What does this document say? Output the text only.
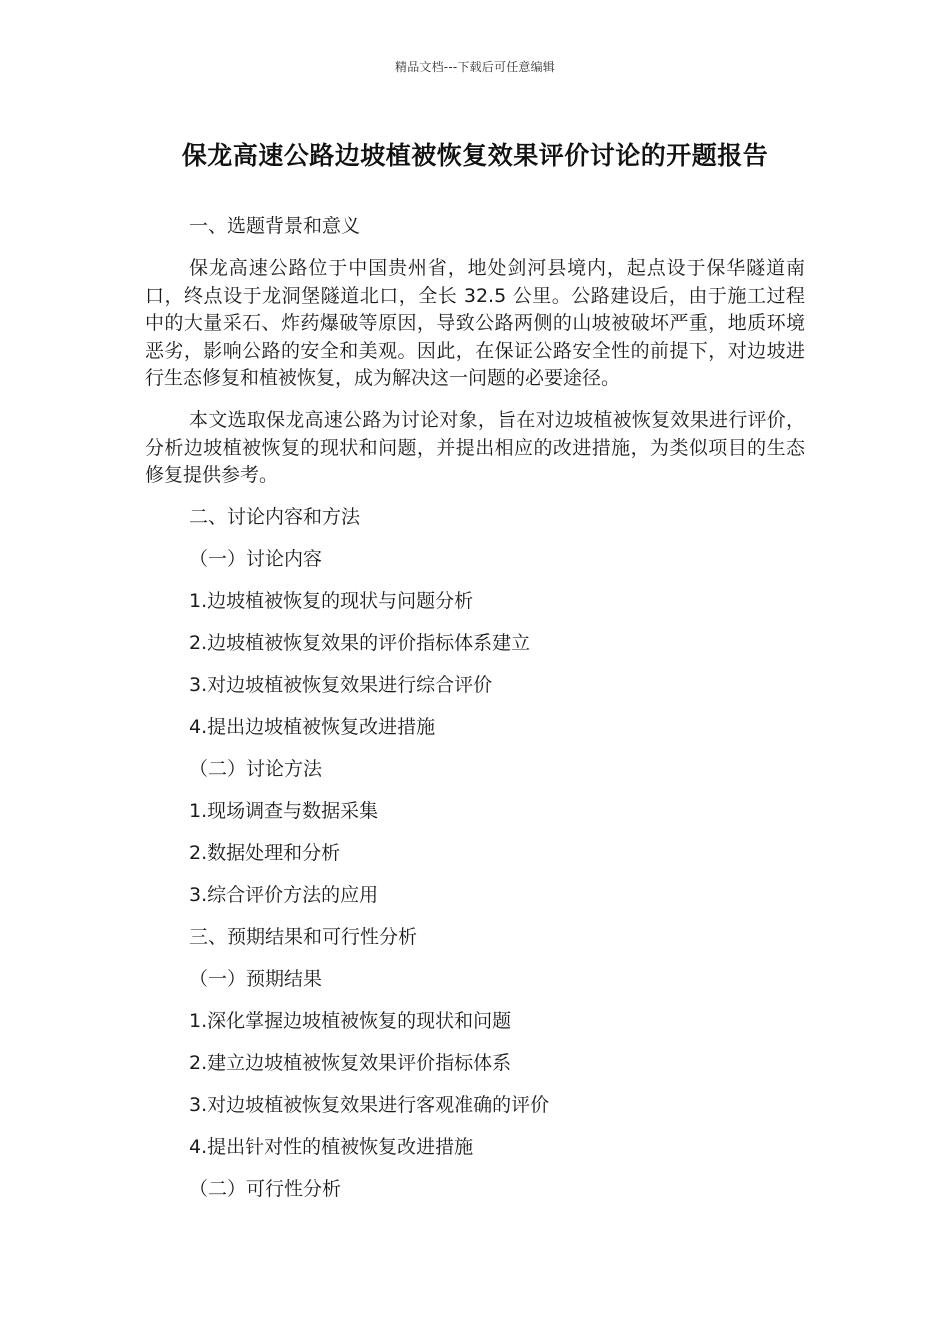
精品文档---下载后可任意编辑
保龙高速公路边坡植被恢复效果评价讨论的开题报告

一、选题背景和意义

保龙高速公路位于中国贵州省，地处剑河县境内，起点设于保华隧道南口，终点设于龙洞堡隧道北口，全长 32.5 公里。公路建设后，由于施工过程中的大量采石、炸药爆破等原因，导致公路两侧的山坡被破坏严重，地质环境恶劣，影响公路的安全和美观。因此，在保证公路安全性的前提下，对边坡进行生态修复和植被恢复，成为解决这一问题的必要途径。

本文选取保龙高速公路为讨论对象，旨在对边坡植被恢复效果进行评价，分析边坡植被恢复的现状和问题，并提出相应的改进措施，为类似项目的生态修复提供参考。

二、讨论内容和方法

（一）讨论内容

1.边坡植被恢复的现状与问题分析

2.边坡植被恢复效果的评价指标体系建立

3.对边坡植被恢复效果进行综合评价

4.提出边坡植被恢复改进措施

（二）讨论方法

1.现场调查与数据采集

2.数据处理和分析

3.综合评价方法的应用

三、预期结果和可行性分析

（一）预期结果

1.深化掌握边坡植被恢复的现状和问题

2.建立边坡植被恢复效果评价指标体系

3.对边坡植被恢复效果进行客观准确的评价

4.提出针对性的植被恢复改进措施

（二）可行性分析
